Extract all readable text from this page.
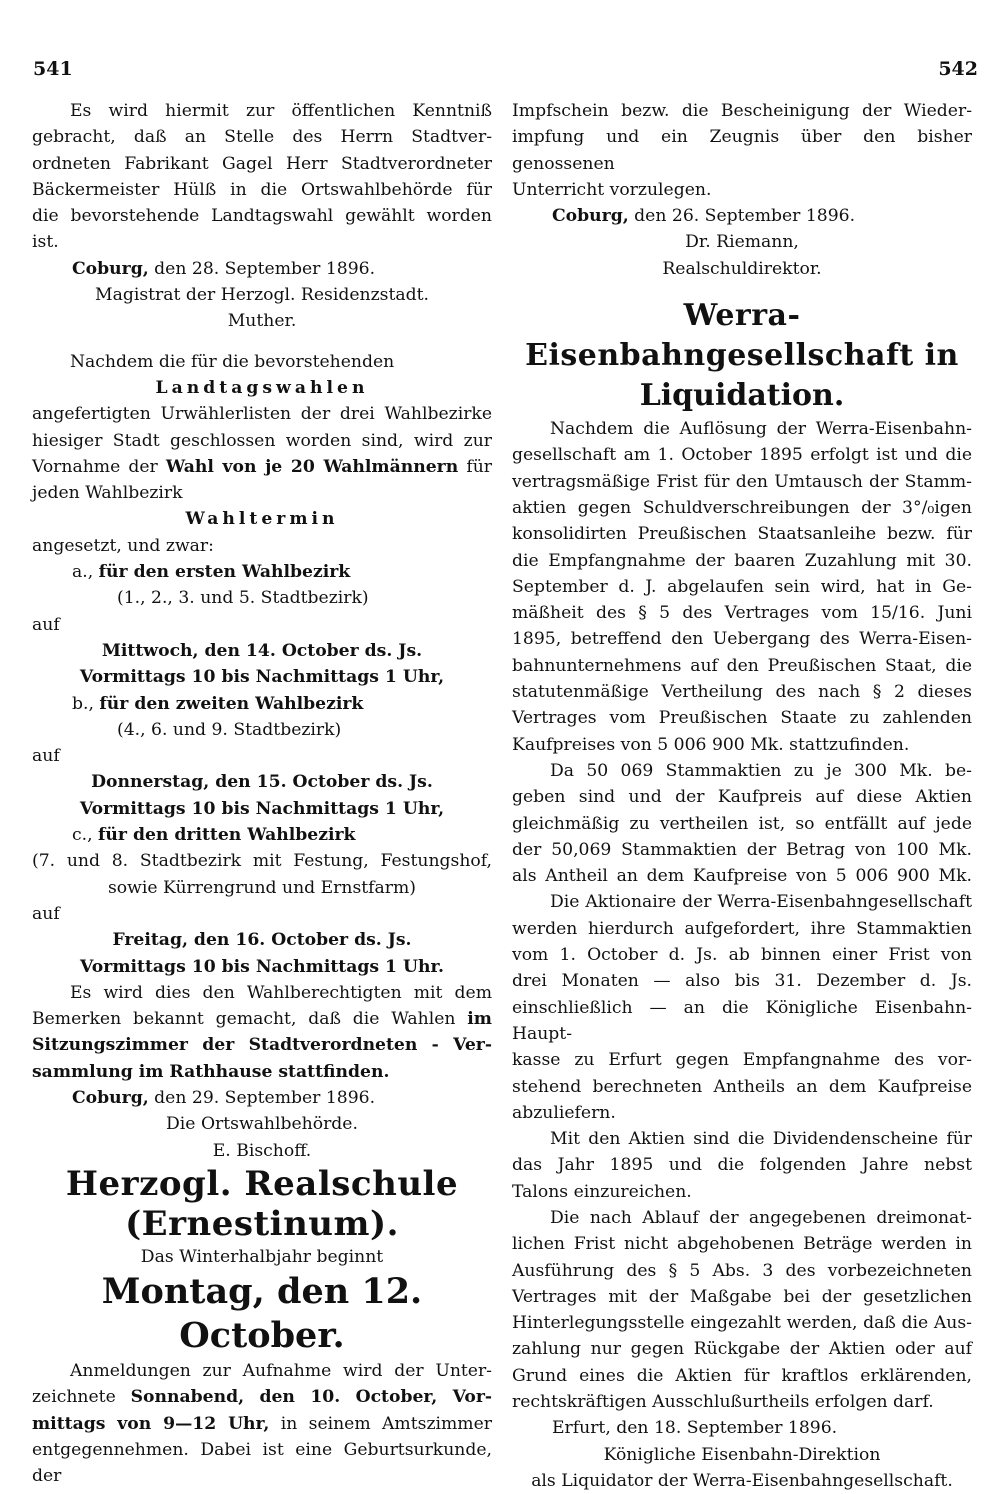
541	542

Es wird hiermit zur öffentlichen Kenntniß

gebracht, daß an Stelle des Herrn Stadtver-

ordneten Fabrikant Gagel Herr Stadtverordneter

Bäckermeister Hülß in die Ortswahlbehörde für

die bevorstehende Landtagswahl gewählt worden

ist.

Coburg, den 28. September 1896.

Magistrat der Herzogl. Residenzstadt.

Muther.

Nachdem die für die bevorstehenden

Landtagswahlen

angefertigten Urwählerlisten der drei Wahlbezirke

hiesiger Stadt geschlossen worden sind, wird zur

Vornahme der Wahl von je 20 Wahlmännern für

jeden Wahlbezirk

Wahltermin

angesetzt, und zwar:

a., für den ersten Wahlbezirk

(1., 2., 3. und 5. Stadtbezirk)

auf

Mittwoch, den 14. October ds. Js.

Vormittags 10 bis Nachmittags 1 Uhr,

b., für den zweiten Wahlbezirk

(4., 6. und 9. Stadtbezirk)

auf

Donnerstag, den 15. October ds. Js.

Vormittags 10 bis Nachmittags 1 Uhr,

c., für den dritten Wahlbezirk

(7. und 8. Stadtbezirk mit Festung, Festungshof,

sowie Kürrengrund und Ernstfarm)

auf

Freitag, den 16. October ds. Js.

Vormittags 10 bis Nachmittags 1 Uhr.

Es wird dies den Wahlberechtigten mit dem

Bemerken bekannt gemacht, daß die Wahlen im

Sitzungszimmer der Stadtverordneten - Ver-

sammlung im Rathhause stattfinden.

Coburg, den 29. September 1896.

Die Ortswahlbehörde.

E. Bischoff.

Herzogl. Realschule (Ernestinum).

Das Winterhalbjahr beginnt

Montag, den 12. October.

Anmeldungen zur Aufnahme wird der Unter-

zeichnete Sonnabend, den 10. October, Vor-

mittags von 9—12 Uhr, in seinem Amtszimmer

entgegennehmen. Dabei ist eine Geburtsurkunde, der

Impfschein bezw. die Bescheinigung der Wieder-

impfung und ein Zeugnis über den bisher genossenen

Unterricht vorzulegen.

Coburg, den 26. September 1896.

Dr. Riemann,

Realschuldirektor.

Werra-Eisenbahngesellschaft in

Liquidation.

Nachdem die Auflösung der Werra-Eisenbahn-

gesellschaft am 1. October 1895 erfolgt ist und die

vertragsmäßige Frist für den Umtausch der Stamm-

aktien gegen Schuldverschreibungen der 3°/₀igen

konsolidirten Preußischen Staatsanleihe bezw. für

die Empfangnahme der baaren Zuzahlung mit 30.

September d. J. abgelaufen sein wird, hat in Ge-

mäßheit des § 5 des Vertrages vom 15/16. Juni

1895, betreffend den Uebergang des Werra-Eisen-

bahnunternehmens auf den Preußischen Staat, die

statutenmäßige Vertheilung des nach § 2 dieses

Vertrages vom Preußischen Staate zu zahlenden

Kaufpreises von 5 006 900 Mk. stattzufinden.

Da 50 069 Stammaktien zu je 300 Mk. be-

geben sind und der Kaufpreis auf diese Aktien

gleichmäßig zu vertheilen ist, so entfällt auf jede

der 50,069 Stammaktien der Betrag von 100 Mk.

als Antheil an dem Kaufpreise von 5 006 900 Mk.

Die Aktionaire der Werra-Eisenbahngesellschaft

werden hierdurch aufgefordert, ihre Stammaktien

vom 1. October d. Js. ab binnen einer Frist von

drei Monaten — also bis 31. Dezember d. Js.

einschließlich — an die Königliche Eisenbahn-Haupt-

kasse zu Erfurt gegen Empfangnahme des vor-

stehend berechneten Antheils an dem Kaufpreise

abzuliefern.

Mit den Aktien sind die Dividendenscheine für

das Jahr 1895 und die folgenden Jahre nebst

Talons einzureichen.

Die nach Ablauf der angegebenen dreimonat-

lichen Frist nicht abgehobenen Beträge werden in

Ausführung des § 5 Abs. 3 des vorbezeichneten

Vertrages mit der Maßgabe bei der gesetzlichen

Hinterlegungsstelle eingezahlt werden, daß die Aus-

zahlung nur gegen Rückgabe der Aktien oder auf

Grund eines die Aktien für kraftlos erklärenden,

rechtskräftigen Ausschlußurtheils erfolgen darf.

Erfurt, den 18. September 1896.

Königliche Eisenbahn-Direktion

als Liquidator der Werra-Eisenbahngesellschaft.
